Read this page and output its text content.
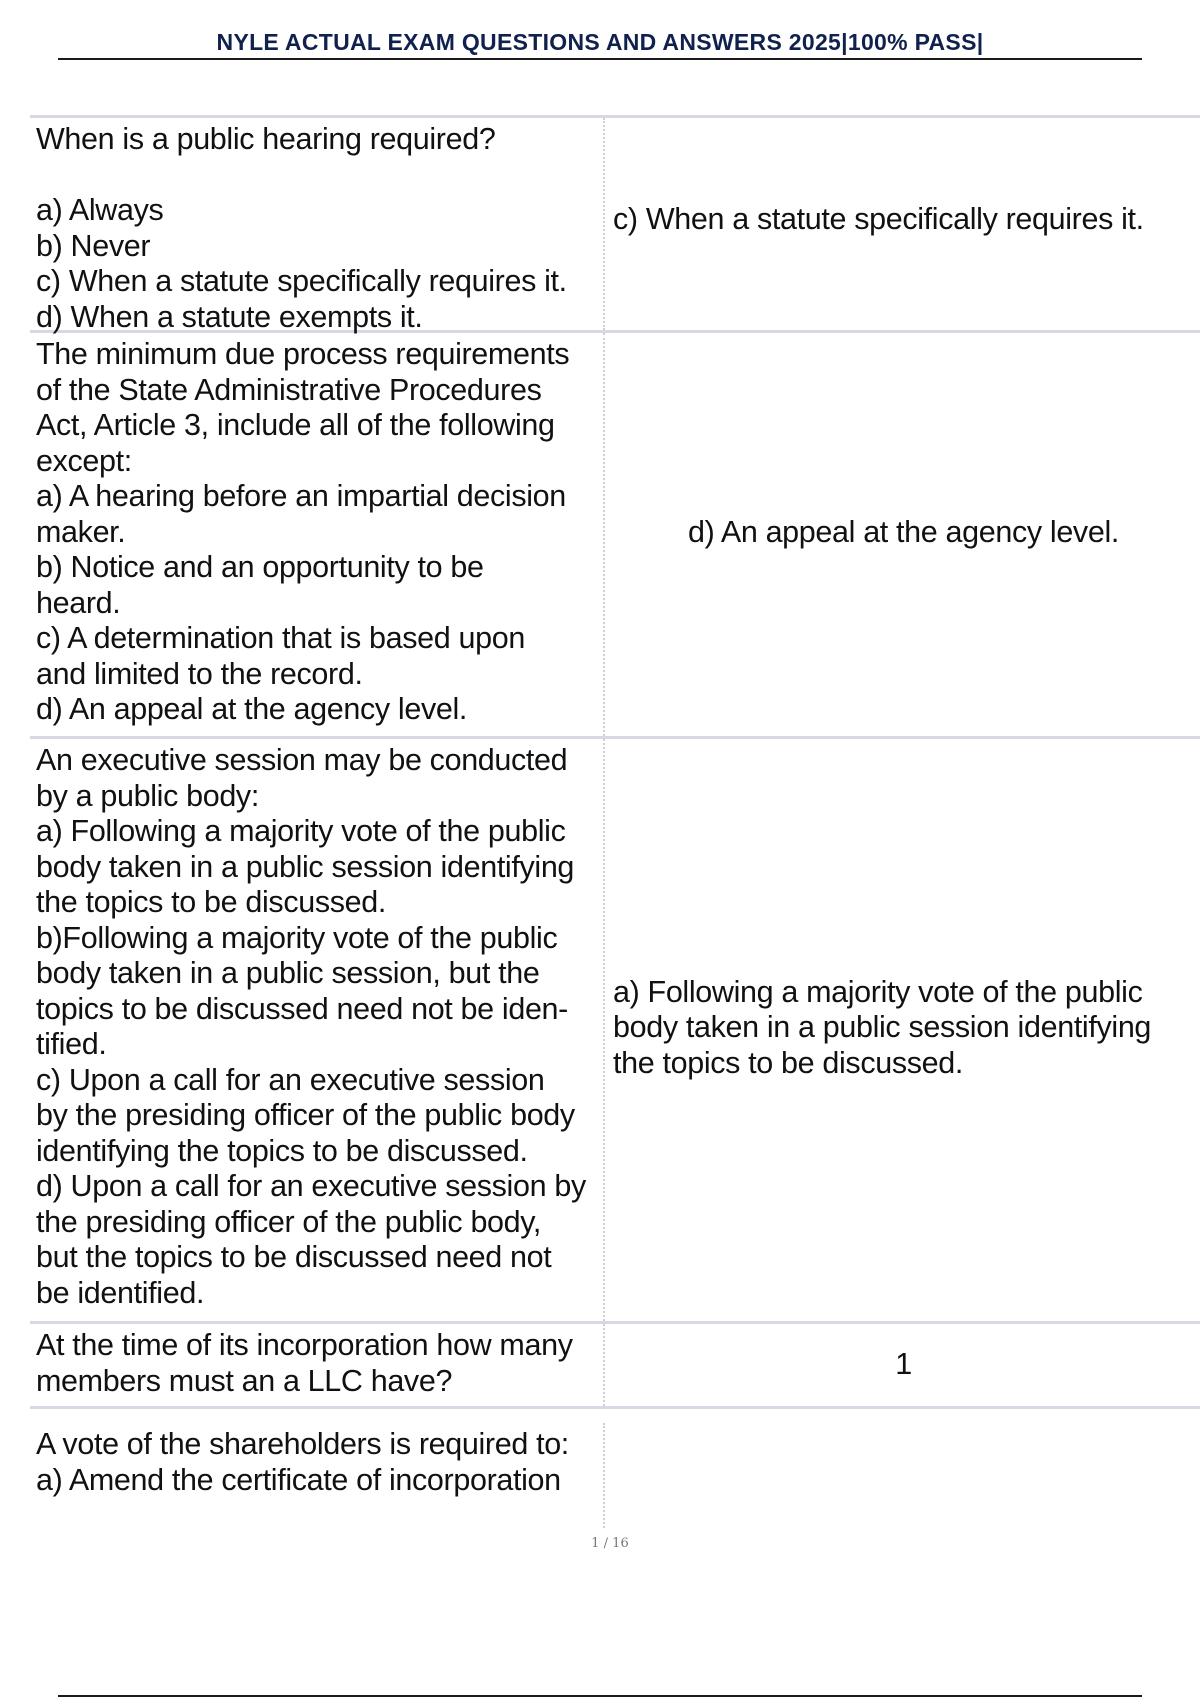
NYLE ACTUAL EXAM QUESTIONS AND ANSWERS 2025|100% PASS|
When is a public hearing required?

a) Always
b) Never
c) When a statute specifically requires it.
d) When a statute exempts it.
c) When a statute specifically requires it.
The minimum due process requirements
of the State Administrative Procedures
Act, Article 3, include all of the following
except:
a) A hearing before an impartial decision
maker.
b) Notice and an opportunity to be
heard.
c) A determination that is based upon
and limited to the record.
d) An appeal at the agency level.
d) An appeal at the agency level.
An executive session may be conducted
by a public body:
a) Following a majority vote of the public
body taken in a public session identifying
the topics to be discussed.
b)Following a majority vote of the public
body taken in a public session, but the
topics to be discussed need not be iden-
tified.
c) Upon a call for an executive session
by the presiding officer of the public body
identifying the topics to be discussed.
d) Upon a call for an executive session by
the presiding officer of the public body,
but the topics to be discussed need not
be identified.
a) Following a majority vote of the public
body taken in a public session identifying
the topics to be discussed.
At the time of its incorporation how many
members must an a LLC have?	1
A vote of the shareholders is required to:
a) Amend the certificate of incorporation
1 / 16
